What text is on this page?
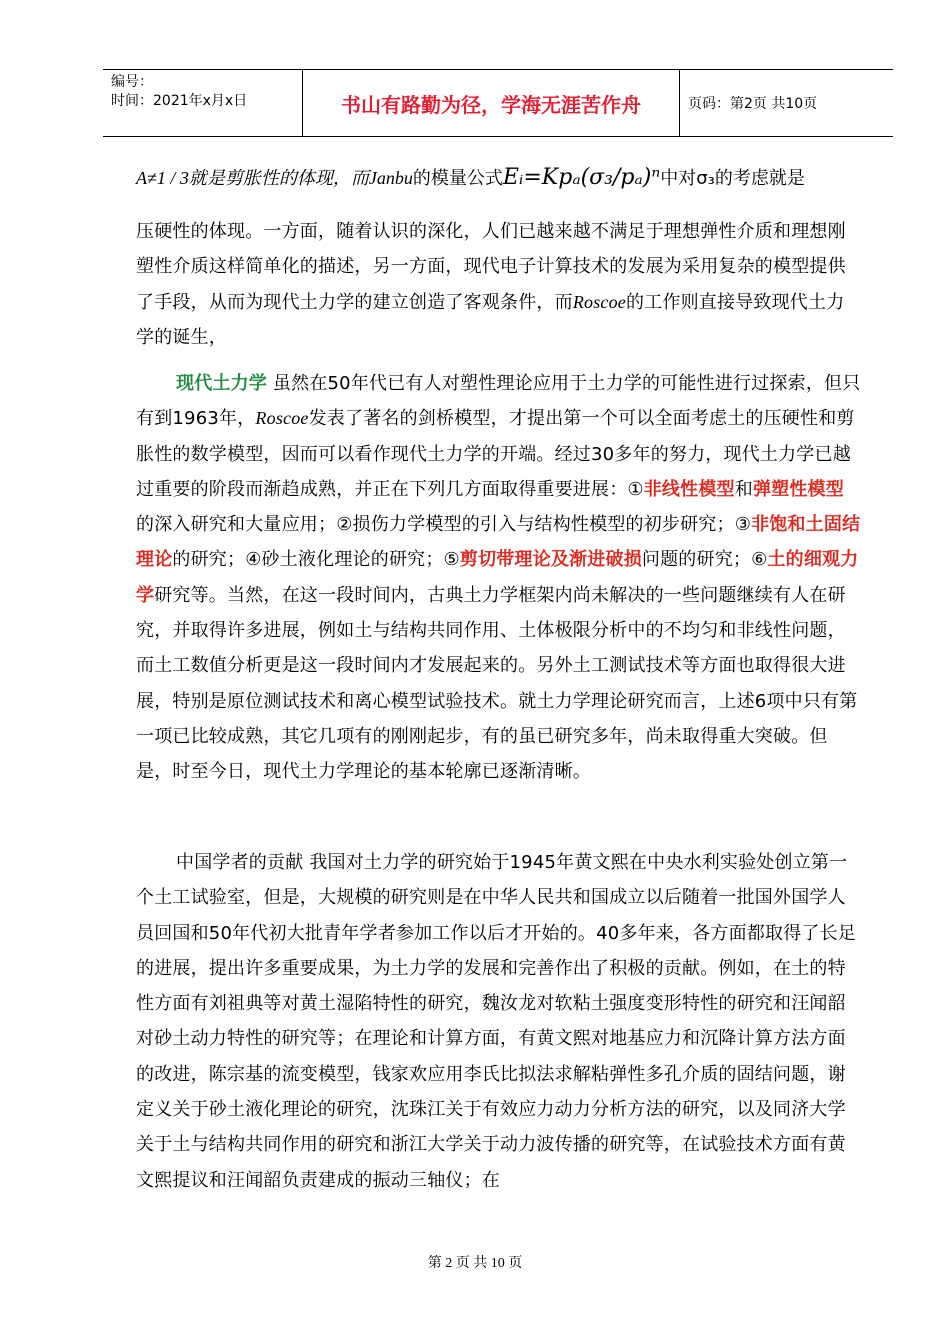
编号：
时间：2021年x月x日	书山有路勤为径，学海无涯苦作舟	页码：第2页 共10页
A≠1 / 3就是剪胀性的体现，而Janbu的模量公式Eᵢ=Kpₐ(σ₃/pₐ)ⁿ中对σ₃的考虑就是
压硬性的体现。一方面，随着认识的深化，人们已越来越不满足于理想弹性介质和理想刚塑性介质这样简单化的描述，另一方面，现代电子计算技术的发展为采用复杂的模型提供了手段，从而为现代土力学的建立创造了客观条件，而Roscoe的工作则直接导致现代土力学的诞生，
现代土力学 虽然在50年代已有人对塑性理论应用于土力学的可能性进行过探索，但只有到1963年，Roscoe发表了著名的剑桥模型，才提出第一个可以全面考虑土的压硬性和剪胀性的数学模型，因而可以看作现代土力学的开端。经过30多年的努力，现代土力学已越过重要的阶段而渐趋成熟，并正在下列几方面取得重要进展：①非线性模型和弹塑性模型的深入研究和大量应用；②损伤力学模型的引入与结构性模型的初步研究；③非饱和土固结理论的研究；④砂土液化理论的研究；⑤剪切带理论及渐进破损问题的研究；⑥土的细观力学研究等。当然，在这一段时间内，古典土力学框架内尚未解决的一些问题继续有人在研究，并取得许多进展，例如土与结构共同作用、土体极限分析中的不均匀和非线性问题，而土工数值分析更是这一段时间内才发展起来的。另外土工测试技术等方面也取得很大进展，特别是原位测试技术和离心模型试验技术。就土力学理论研究而言，上述6项中只有第一项已比较成熟，其它几项有的刚刚起步，有的虽已研究多年，尚未取得重大突破。但是，时至今日，现代土力学理论的基本轮廓已逐渐清晰。
中国学者的贡献 我国对土力学的研究始于1945年黄文熙在中央水利实验处创立第一个土工试验室，但是，大规模的研究则是在中华人民共和国成立以后随着一批国外国学人员回国和50年代初大批青年学者参加工作以后才开始的。40多年来，各方面都取得了长足的进展，提出许多重要成果，为土力学的发展和完善作出了积极的贡献。例如，在土的特性方面有刘祖典等对黄土湿陷特性的研究，魏汝龙对软粘土强度变形特性的研究和汪闻韶对砂土动力特性的研究等；在理论和计算方面，有黄文熙对地基应力和沉降计算方法方面的改进，陈宗基的流变模型，钱家欢应用李氏比拟法求解粘弹性多孔介质的固结问题，谢定义关于砂土液化理论的研究，沈珠江关于有效应力动力分析方法的研究，以及同济大学关于土与结构共同作用的研究和浙江大学关于动力波传播的研究等，在试验技术方面有黄文熙提议和汪闻韶负责建成的振动三轴仪；在
第 2 页 共 10 页
